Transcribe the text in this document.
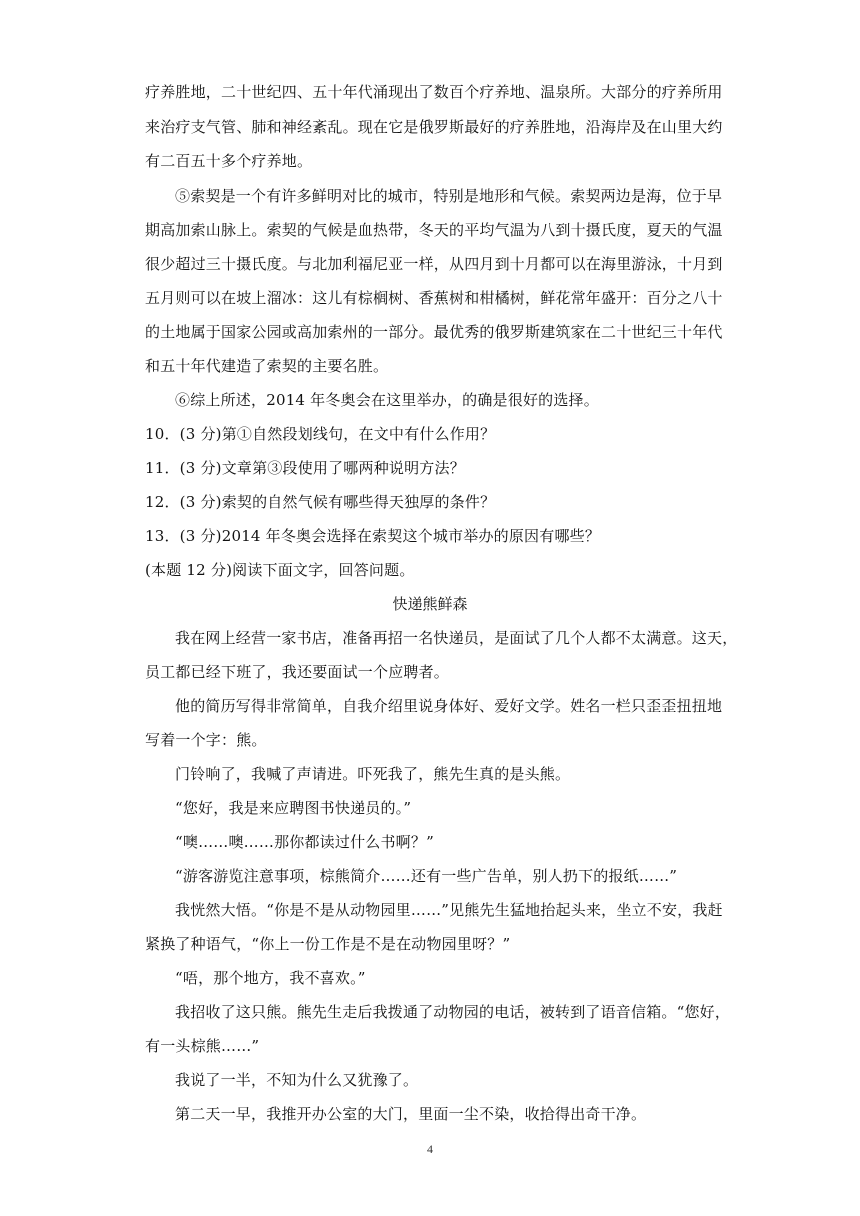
疗养胜地，二十世纪四、五十年代涌现出了数百个疗养地、温泉所。大部分的疗养所用
来治疗支气管、肺和神经紊乱。现在它是俄罗斯最好的疗养胜地，沿海岸及在山里大约
有二百五十多个疗养地。
⑤索契是一个有许多鲜明对比的城市，特别是地形和气候。索契两边是海，位于早
期高加索山脉上。索契的气候是血热带，冬天的平均气温为八到十摄氏度，夏天的气温
很少超过三十摄氏度。与北加利福尼亚一样，从四月到十月都可以在海里游泳，十月到
五月则可以在坡上溜冰：这儿有棕榈树、香蕉树和柑橘树，鲜花常年盛开：百分之八十
的土地属于国家公园或高加索州的一部分。最优秀的俄罗斯建筑家在二十世纪三十年代
和五十年代建造了索契的主要名胜。
⑥综上所述，2014 年冬奥会在这里举办，的确是很好的选择。
10．(3 分)第①自然段划线句，在文中有什么作用？
11．(3 分)文章第③段使用了哪两种说明方法？
12．(3 分)索契的自然气候有哪些得天独厚的条件？
13．(3 分)2014 年冬奥会选择在索契这个城市举办的原因有哪些？
(本题 12 分)阅读下面文字，回答问题。
快递熊鲜森
我在网上经营一家书店，准备再招一名快递员，是面试了几个人都不太满意。这天，
员工都已经下班了，我还要面试一个应聘者。
他的简历写得非常简单，自我介绍里说身体好、爱好文学。姓名一栏只歪歪扭扭地
写着一个字：熊。
门铃响了，我喊了声请进。吓死我了，熊先生真的是头熊。
“您好，我是来应聘图书快递员的。”
“噢……噢……那你都读过什么书啊？”
“游客游览注意事项，棕熊简介……还有一些广告单，别人扔下的报纸……”
我恍然大悟。“你是不是从动物园里……”见熊先生猛地抬起头来，坐立不安，我赶
紧换了种语气，“你上一份工作是不是在动物园里呀？”
“唔，那个地方，我不喜欢。”
我招收了这只熊。熊先生走后我拨通了动物园的电话，被转到了语音信箱。“您好，
有一头棕熊……”
我说了一半，不知为什么又犹豫了。
第二天一早，我推开办公室的大门，里面一尘不染，收拾得出奇干净。
4
